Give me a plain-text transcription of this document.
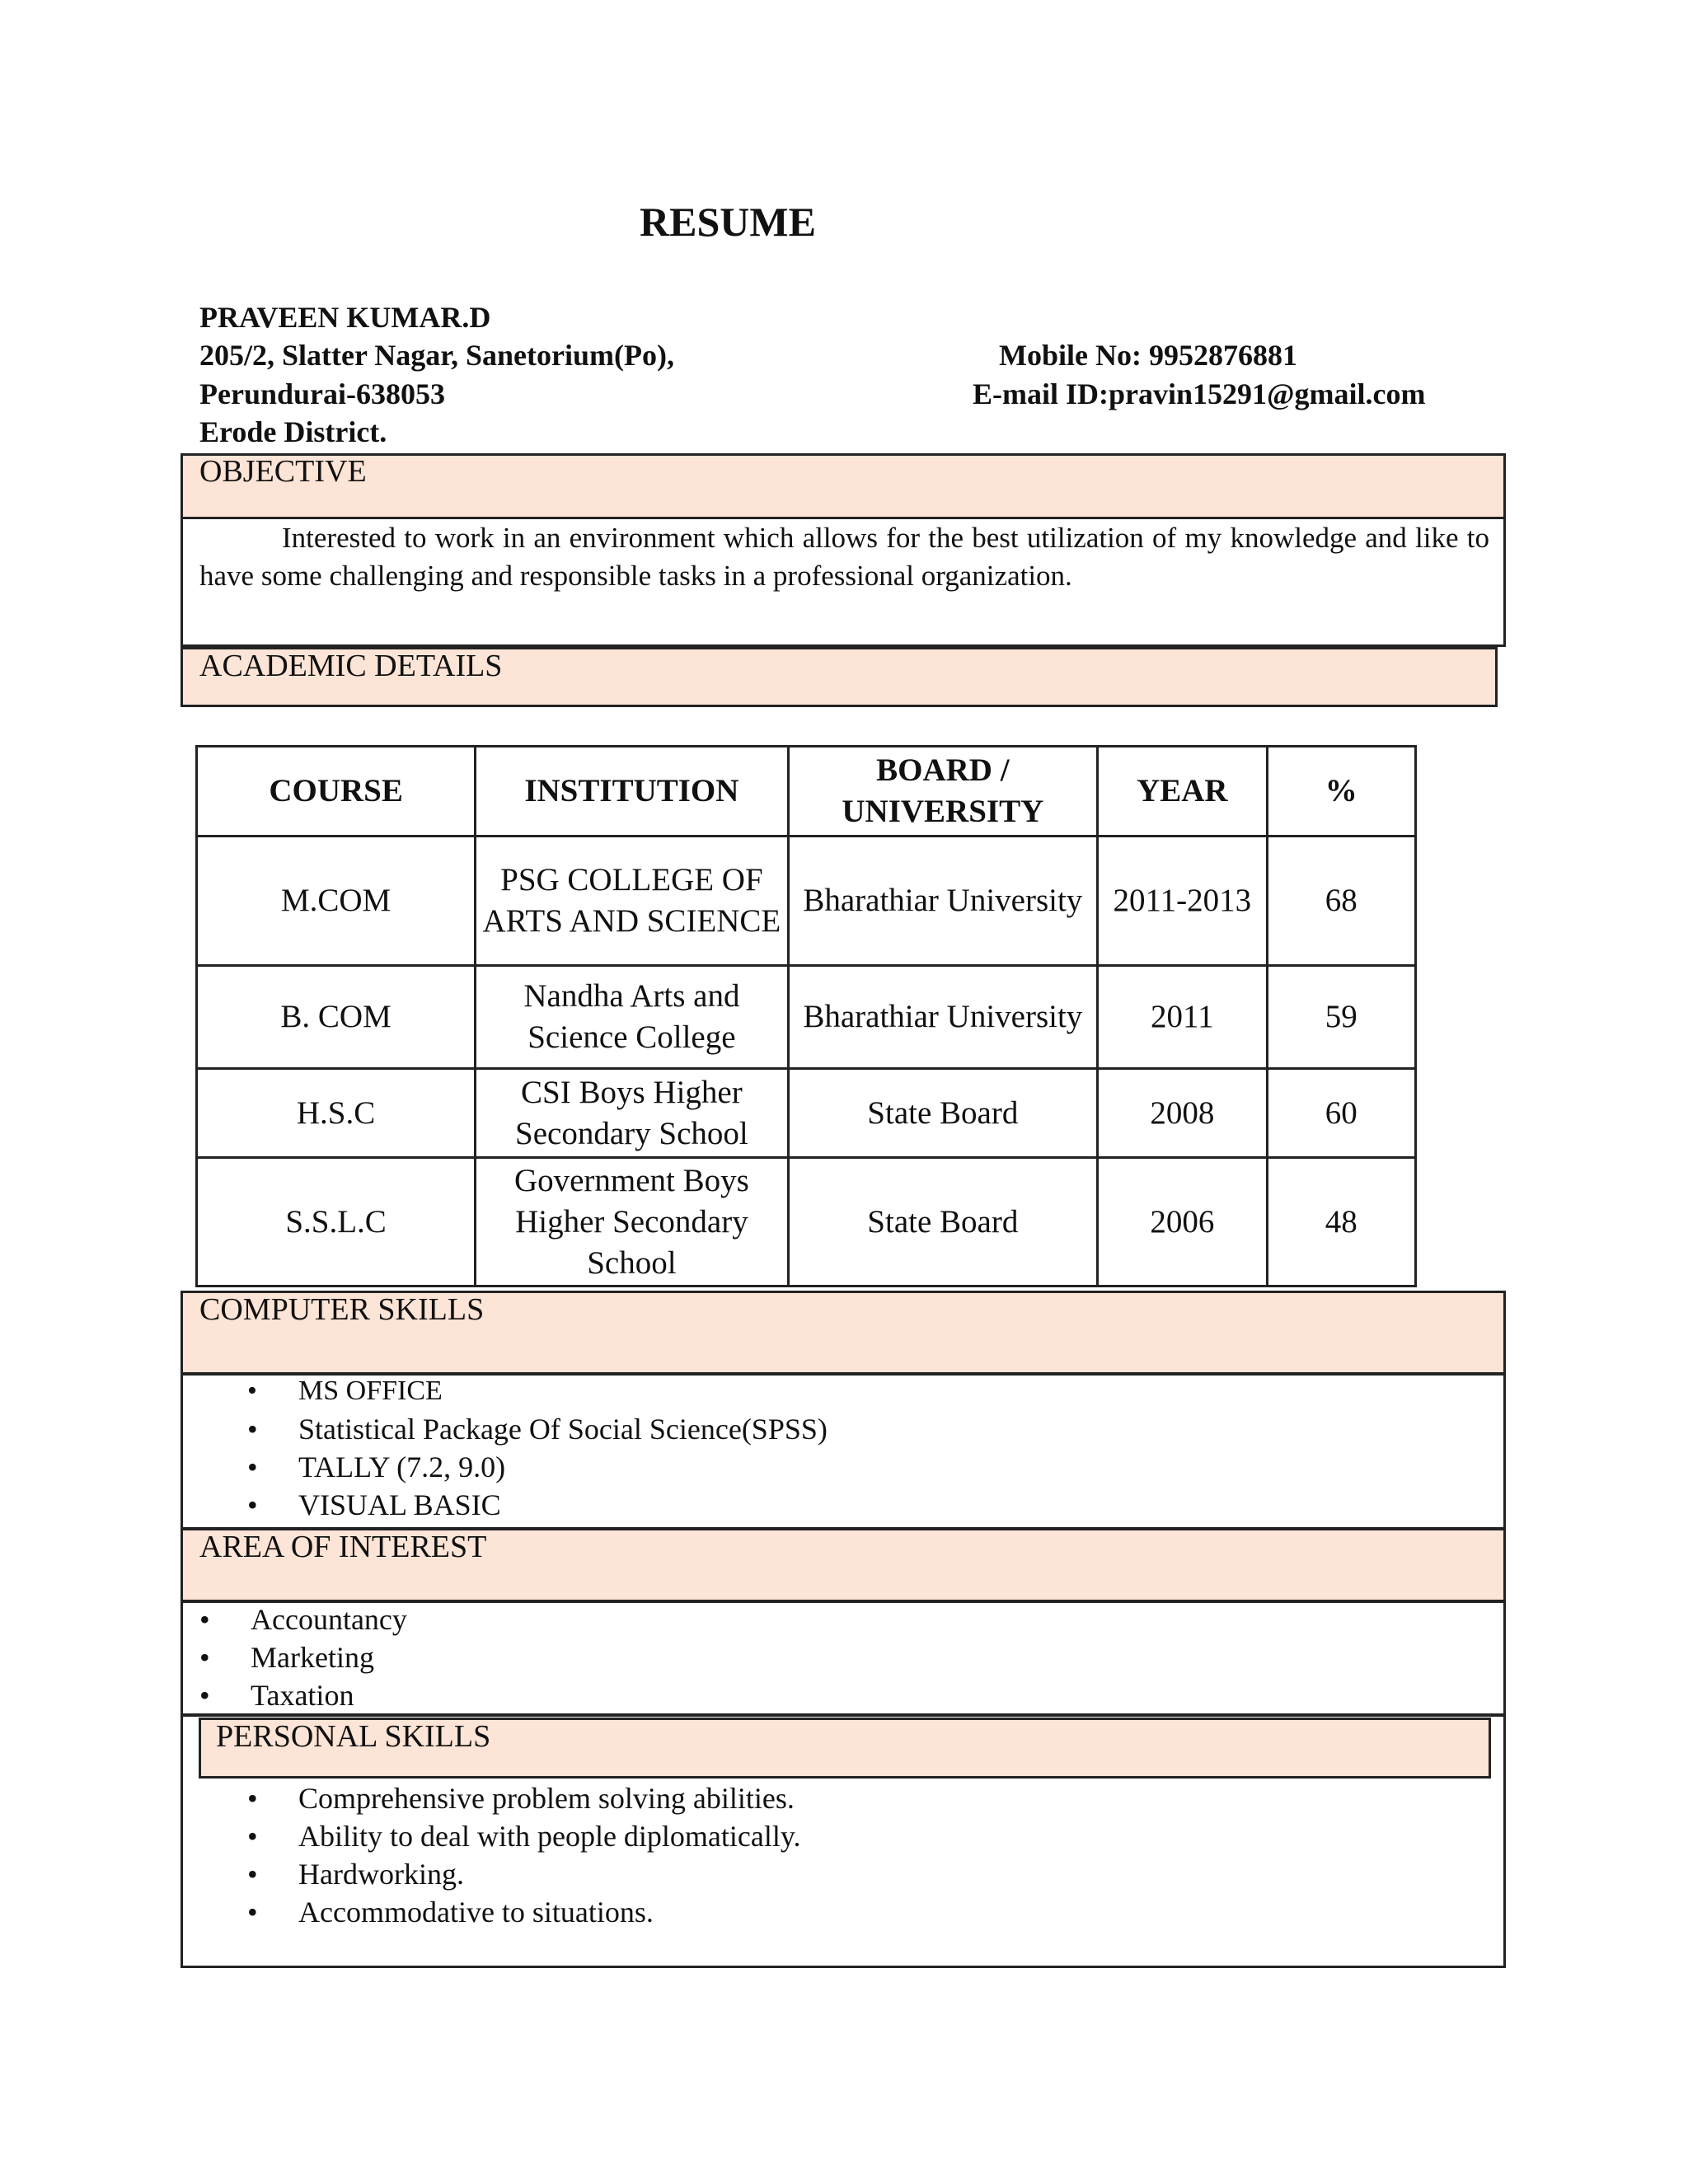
RESUME
PRAVEEN KUMAR.D
205/2, Slatter Nagar, Sanetorium(Po),
Perundurai-638053
Erode District.
Mobile No: 9952876881
E-mail ID:pravin15291@gmail.com
OBJECTIVE
Interested to work in an environment which allows for the best utilization of my knowledge and like to have some challenging and responsible tasks in a professional organization.
ACADEMIC DETAILS
COURSE	INSTITUTION	BOARD / UNIVERSITY	YEAR	%
M.COM	PSG COLLEGE OF ARTS AND SCIENCE	Bharathiar University	2011-2013	68
B. COM	Nandha Arts and Science College	Bharathiar University	2011	59
H.S.C	CSI Boys Higher Secondary School	State Board	2008	60
S.S.L.C	Government Boys Higher Secondary School	State Board	2006	48
COMPUTER SKILLS
• MS OFFICE
• Statistical Package Of Social Science(SPSS)
• TALLY (7.2, 9.0)
• VISUAL BASIC
AREA OF INTEREST
• Accountancy
• Marketing
• Taxation
PERSONAL SKILLS
• Comprehensive problem solving abilities.
• Ability to deal with people diplomatically.
• Hardworking.
• Accommodative to situations.
